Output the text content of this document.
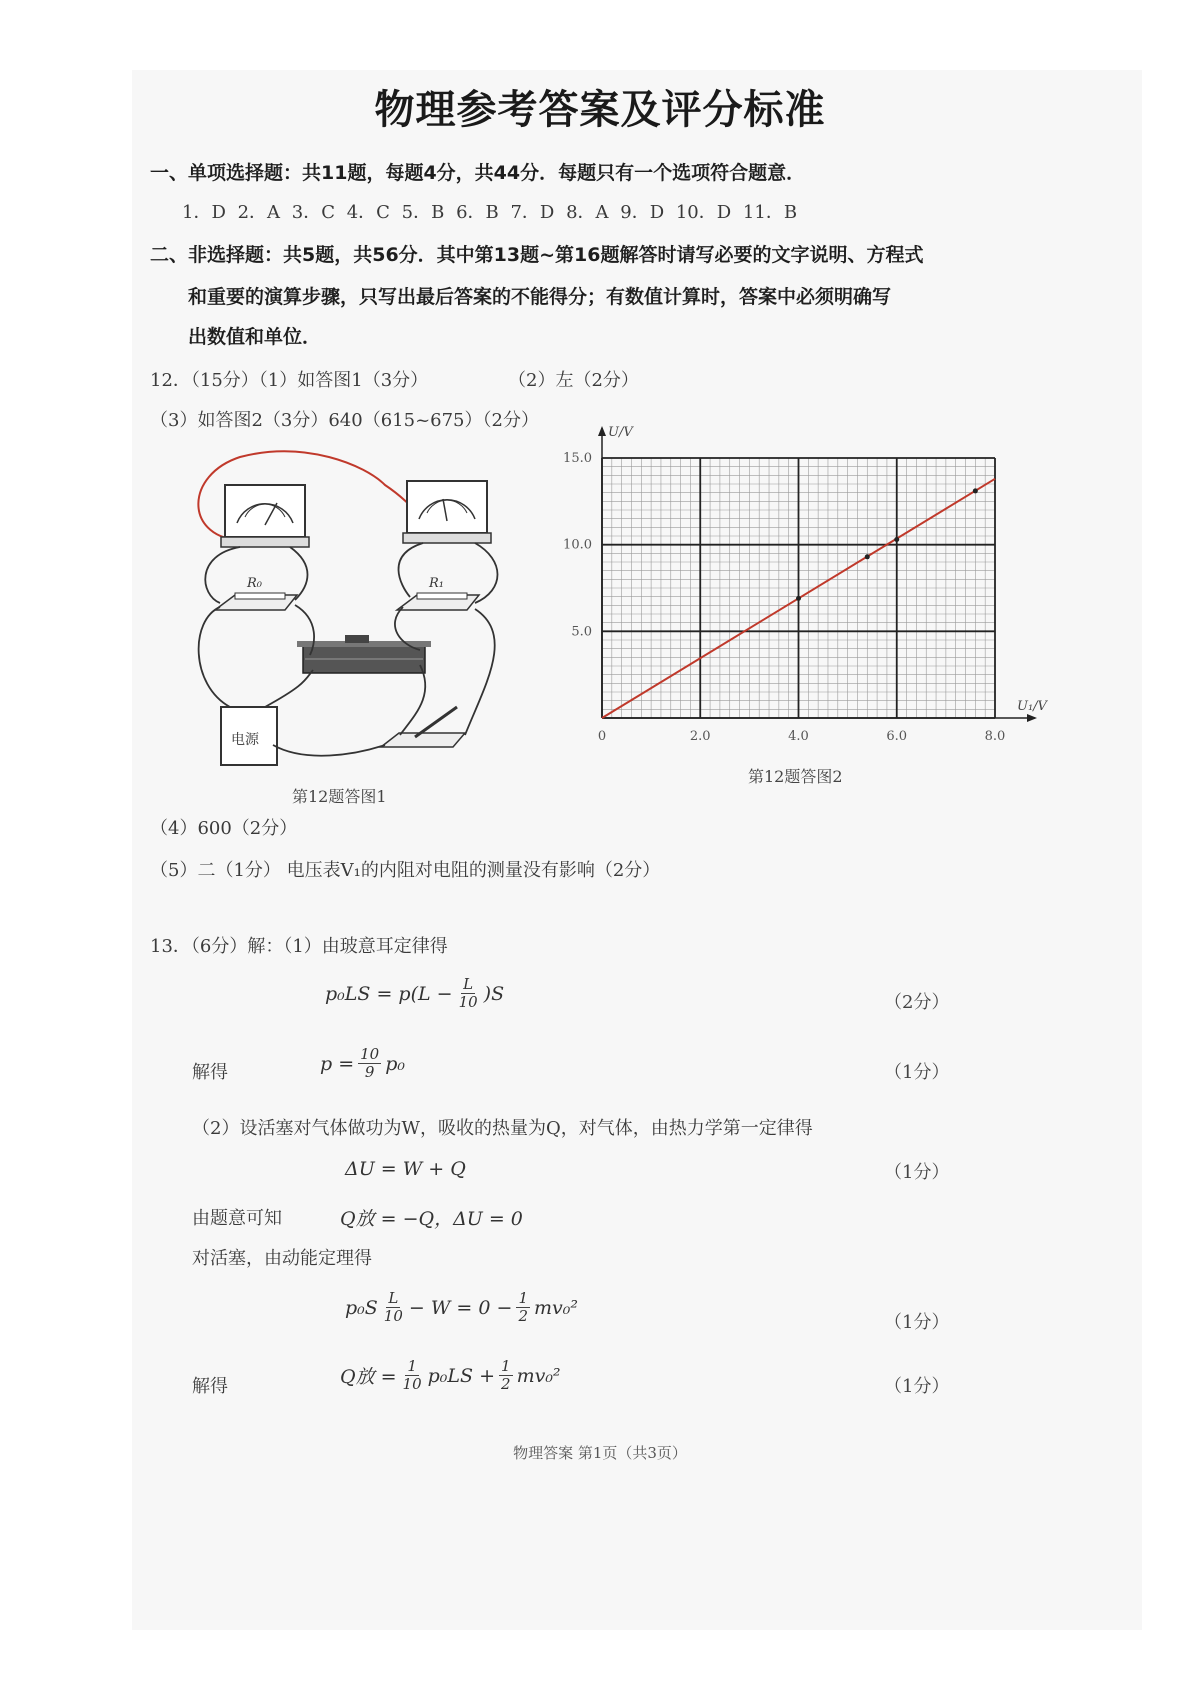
物理参考答案及评分标准
一、单项选择题：共11题，每题4分，共44分．每题只有一个选项符合题意．
1．D 2．A 3．C 4．C 5．B 6．B 7．D 8．A 9．D 10．D 11．B
二、非选择题：共5题，共56分．其中第13题~第16题解答时请写必要的文字说明、方程式
和重要的演算步骤，只写出最后答案的不能得分；有数值计算时，答案中必须明确写
出数值和单位．
12．（15分）（1）如答图1（3分）	（2）左（2分）
（3）如答图2（3分）640（615~675）（2分）
R₀	R₁
电源
第12题答图1
U/V
U₁/V
0	2.0	4.0	6.0	8.0
5.0
10.0
15.0
第12题答图2
（4）600（2分）
（5）二（1分） 电压表V₁的内阻对电阻的测量没有影响（2分）
13．（6分）解：（1）由玻意耳定律得
$p_0LS = p(L - \frac{L}{10} )S$	（2分）
解得	$p = \frac{10}{9} p_0$	（1分）
（2）设活塞对气体做功为W，吸收的热量为Q，对气体，由热力学第一定律得
ΔU = W + Q	（1分）
由题意可知	Q放 = −Q，ΔU = 0
对活塞，由动能定理得
$p_0S \frac{L}{10} - W = 0 - \frac{1}{2} mv_0^2$
（1分）
解得	Q放 = $\frac{1}{10} p_0LS + \frac{1}{2} mv_0^2$	（1分）
物理答案 第1页（共3页）
